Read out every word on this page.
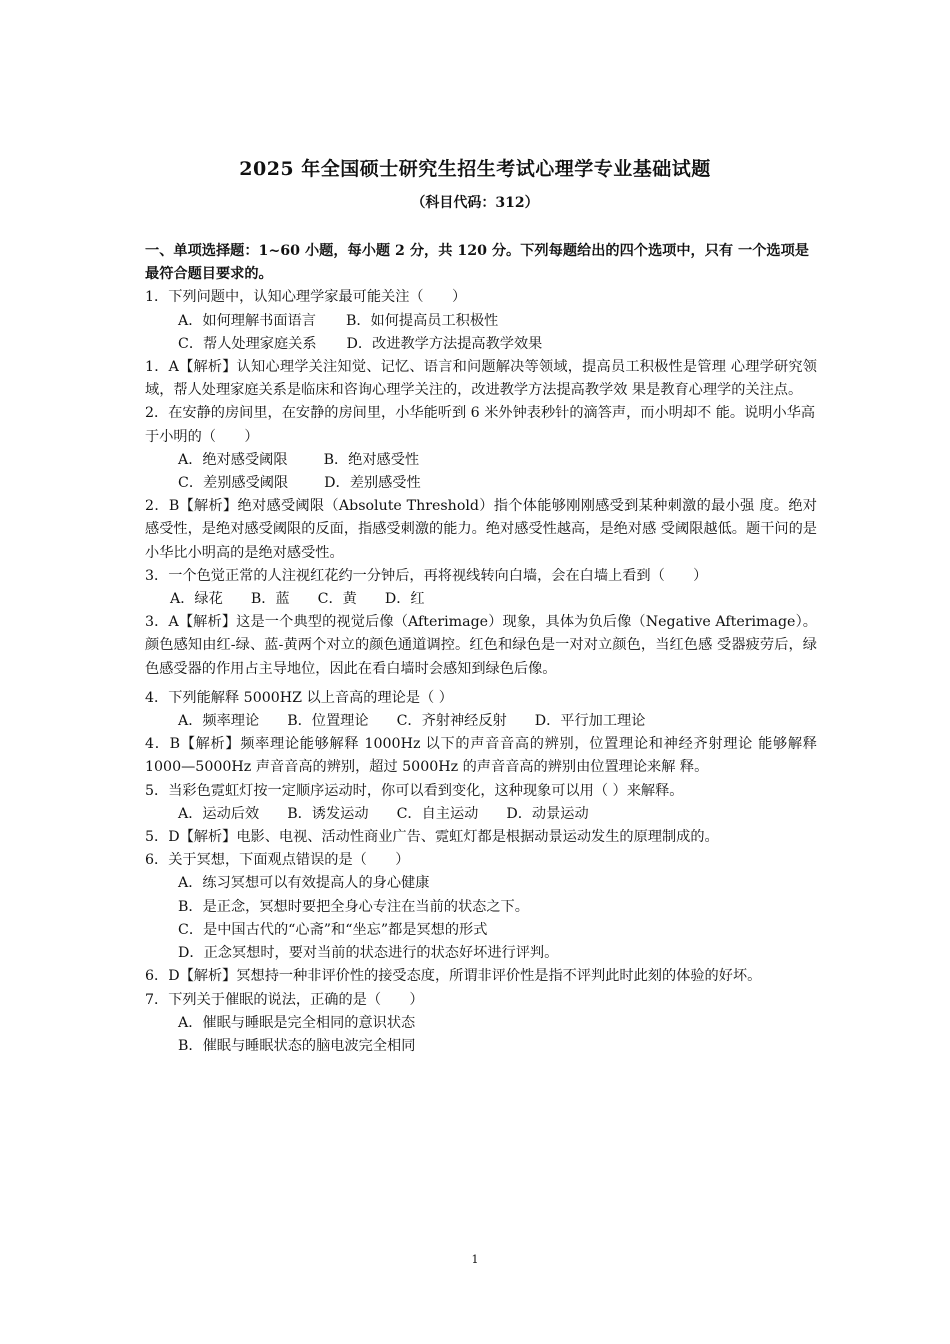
2025 年全国硕士研究生招生考试心理学专业基础试题
（科目代码：312）
一、单项选择题：1~60 小题，每小题 2 分，共 120 分。下列每题给出的四个选项中，只有 一个选项是最符合题目要求的。
1．下列问题中，认知心理学家最可能关注（　　）
A．如何理解书面语言 B．如何提高员工积极性
C．帮人处理家庭关系 D．改进教学方法提高教学效果
1．A【解析】认知心理学关注知觉、记忆、语言和问题解决等领域，提高员工积极性是管理 心理学研究领域，帮人处理家庭关系是临床和咨询心理学关注的，改进教学方法提高教学效 果是教育心理学的关注点。
2．在安静的房间里，在安静的房间里，小华能听到 6 米外钟表秒针的滴答声，而小明却不 能。说明小华高于小明的（　　）
A．绝对感受阈限	B．绝对感受性
C．差别感受阈限	D．差别感受性
2．B【解析】绝对感受阈限（Absolute Threshold）指个体能够刚刚感受到某种刺激的最小强 度。绝对感受性，是绝对感受阈限的反面，指感受刺激的能力。绝对感受性越高，是绝对感 受阈限越低。题干问的是小华比小明高的是绝对感受性。
3．一个色觉正常的人注视红花约一分钟后，再将视线转向白墙，会在白墙上看到（　　）
A．绿花 B．蓝 C．黄 D．红
3．A【解析】这是一个典型的视觉后像（Afterimage）现象，具体为负后像（Negative Afterimage）。 颜色感知由红-绿、蓝-黄两个对立的颜色通道调控。红色和绿色是一对对立颜色，当红色感 受器疲劳后，绿色感受器的作用占主导地位，因此在看白墙时会感知到绿色后像。
4．下列能解释 5000HZ 以上音高的理论是（ ）
A．频率理论 B．位置理论 C．齐射神经反射 D．平行加工理论
4．B【解析】频率理论能够解释 1000Hz 以下的声音音高的辨别，位置理论和神经齐射理论 能够解释 1000—5000Hz 声音音高的辨别，超过 5000Hz 的声音音高的辨别由位置理论来解 释。
5．当彩色霓虹灯按一定顺序运动时，你可以看到变化，这种现象可以用（ ）来解释。
A．运动后效 B．诱发运动 C．自主运动 D．动景运动
5．D【解析】电影、电视、活动性商业广告、霓虹灯都是根据动景运动发生的原理制成的。
6．关于冥想，下面观点错误的是（　　）
A．练习冥想可以有效提高人的身心健康
B．是正念，冥想时要把全身心专注在当前的状态之下。
C．是中国古代的“心斋”和“坐忘”都是冥想的形式
D．正念冥想时，要对当前的状态进行的状态好坏进行评判。
6．D【解析】冥想持一种非评价性的接受态度，所谓非评价性是指不评判此时此刻的体验的好坏。
7．下列关于催眠的说法，正确的是（　　）
A．催眠与睡眠是完全相同的意识状态
B．催眠与睡眠状态的脑电波完全相同
1
